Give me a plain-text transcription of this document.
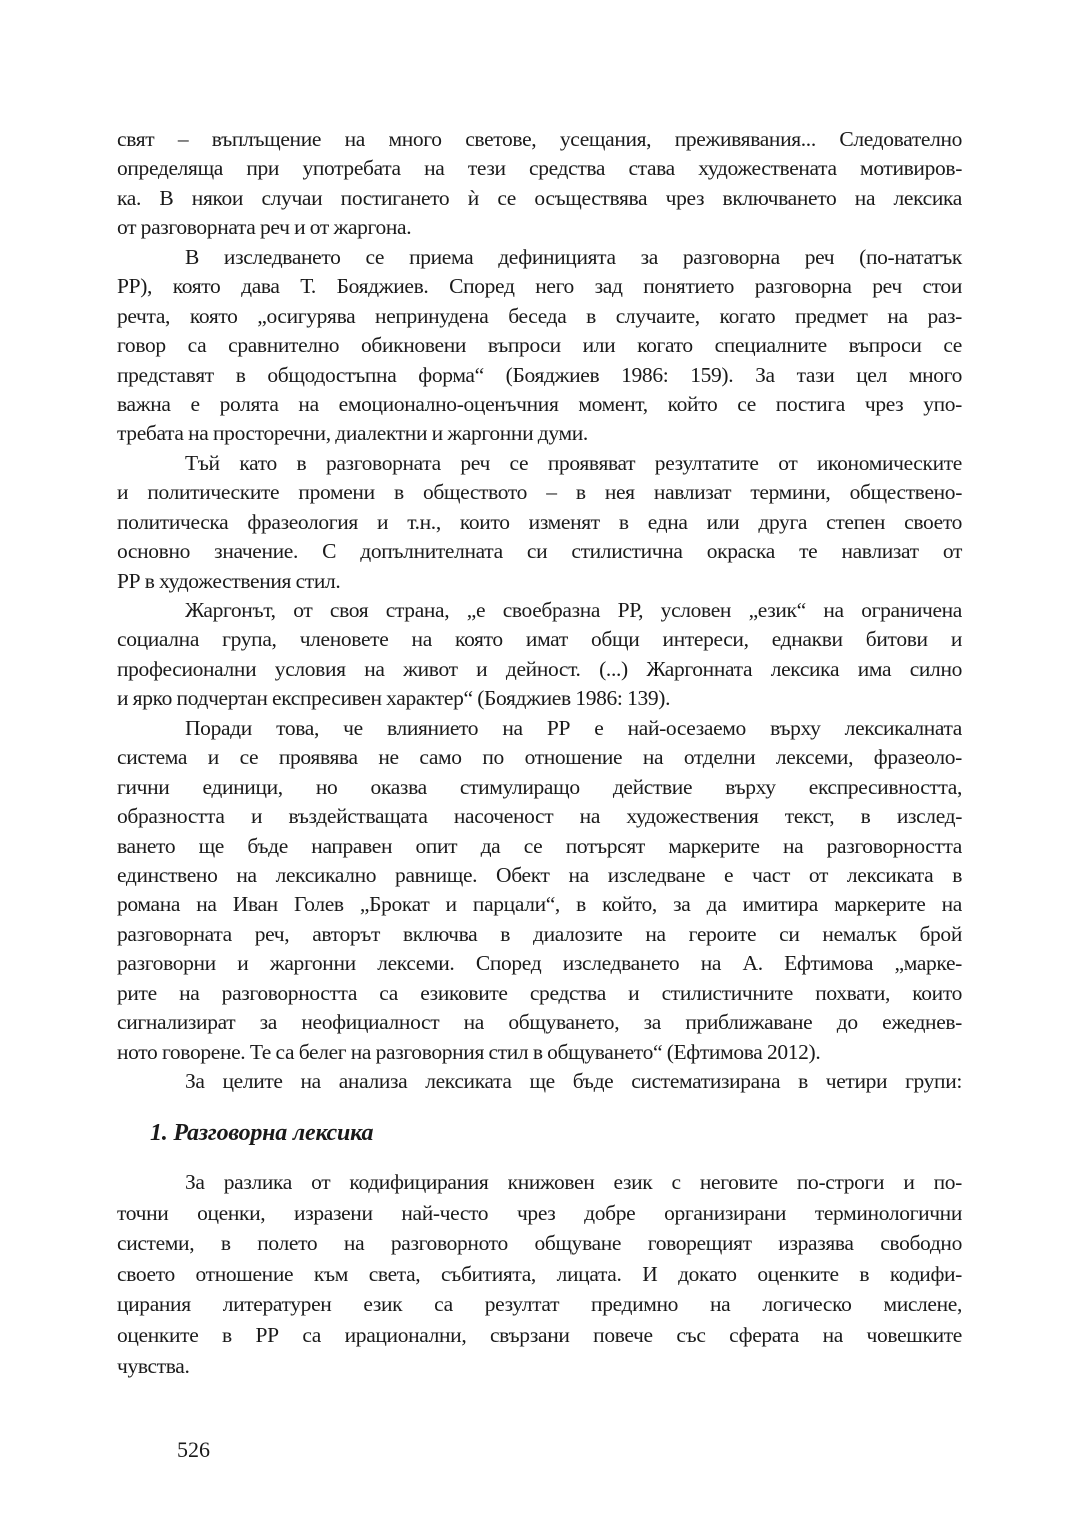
свят – въплъщение на много светове, усещания, преживявания... Следователно
определяща при употребата на тези средства става художествената мотивиров-
ка. В някои случаи постигането ѝ се осъществява чрез включването на лексика
от разговорната реч и от жаргона.
В изследването се приема дефиницията за разговорна реч (по-нататък
РР), която дава Т. Бояджиев. Според него зад понятието разговорна реч стои
речта, която „осигурява непринудена беседа в случаите, когато предмет на раз-
говор са сравнително обикновени въпроси или когато специалните въпроси се
представят в общодостъпна форма“ (Бояджиев 1986: 159). За тази цел много
важна е ролята на емоционално-оценъчния момент, който се постига чрез упо-
требата на просторечни, диалектни и жаргонни думи.
Тъй като в разговорната реч се проявяват резултатите от икономическите
и политическите промени в обществото – в нея навлизат термини, обществено-
политическа фразеология и т.н., които изменят в една или друга степен своето
основно значение. С допълнителната си стилистична окраска те навлизат от
РР в художествения стил.
Жаргонът, от своя страна, „е своебразна РР, условен „език“ на ограничена
социална група, членовете на която имат общи интереси, еднакви битови и
професионални условия на живот и дейност. (...) Жаргонната лексика има силно
и ярко подчертан експресивен характер“ (Бояджиев 1986: 139).
Поради това, че влиянието на РР е най-осезаемо върху лексикалната
система и се проявява не само по отношение на отделни лексеми, фразеоло-
гични единици, но оказва стимулиращо действие върху експресивността,
образността и въздействащата насоченост на художествения текст, в изслед-
ването ще бъде направен опит да се потърсят маркерите на разговорността
единствено на лексикално равнище. Обект на изследване е част от лексиката в
романа на Иван Голев „Брокат и парцали“, в който, за да имитира маркерите на
разговорната реч, авторът включва в диалозите на героите си немалък брой
разговорни и жаргонни лексеми. Според изследването на А. Ефтимова „марке-
рите на разговорността са езиковите средства и стилистичните похвати, които
сигнализират за неофициалност на общуването, за приближаване до ежеднев-
ното говорене. Те са белег на разговорния стил в общуването“ (Ефтимова 2012).
За целите на анализа лексиката ще бъде систематизирана в четири групи:
1. Разговорна лексика
За разлика от кодифицирания книжовен език с неговите по-строги и по-
точни оценки, изразени най-често чрез добре организирани терминологични
системи, в полето на разговорното общуване говорещият изразява свободно
своето отношение към света, събитията, лицата. И докато оценките в кодифи-
цирания литературен език са резултат предимно на логическо мислене,
оценките в РР са ирационални, свързани повече със сферата на човешките
чувства.
526
